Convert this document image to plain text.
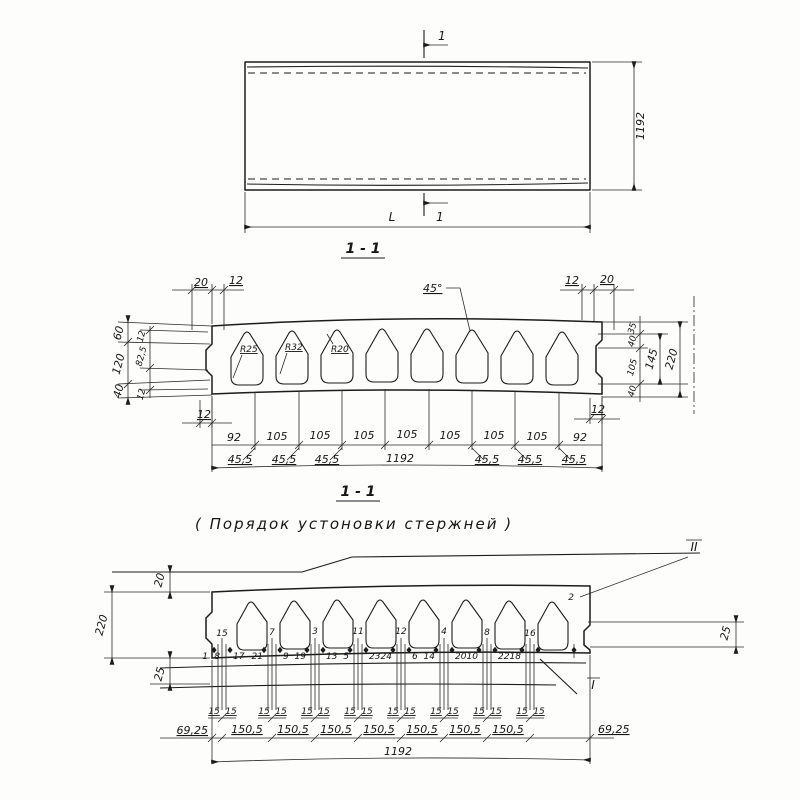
1
1
L
1192
1 - 1
R25	R32	R20
45°
20 12	12 20
60
120
40
12
82,5
12
12
35
40
105
40
145 220
12
92 105 105 105 105 105 105 105 92
45,5 45,5 45,5	45,5 45,5 45,5
1192
1 - 1
( Порядок устоновки стержней )
II
2
I
20
220
25
25
15	7	3	11	12	4	8	16
1 8 17 21 9 19 13 5 23 24 6 14 20 10 22 18
15 15 15 15 15 15 15 15 15 15 15 15 15 15 15 15
69,25 150,5 150,5 150,5 150,5 150,5 150,5 150,5	69,25
1192
